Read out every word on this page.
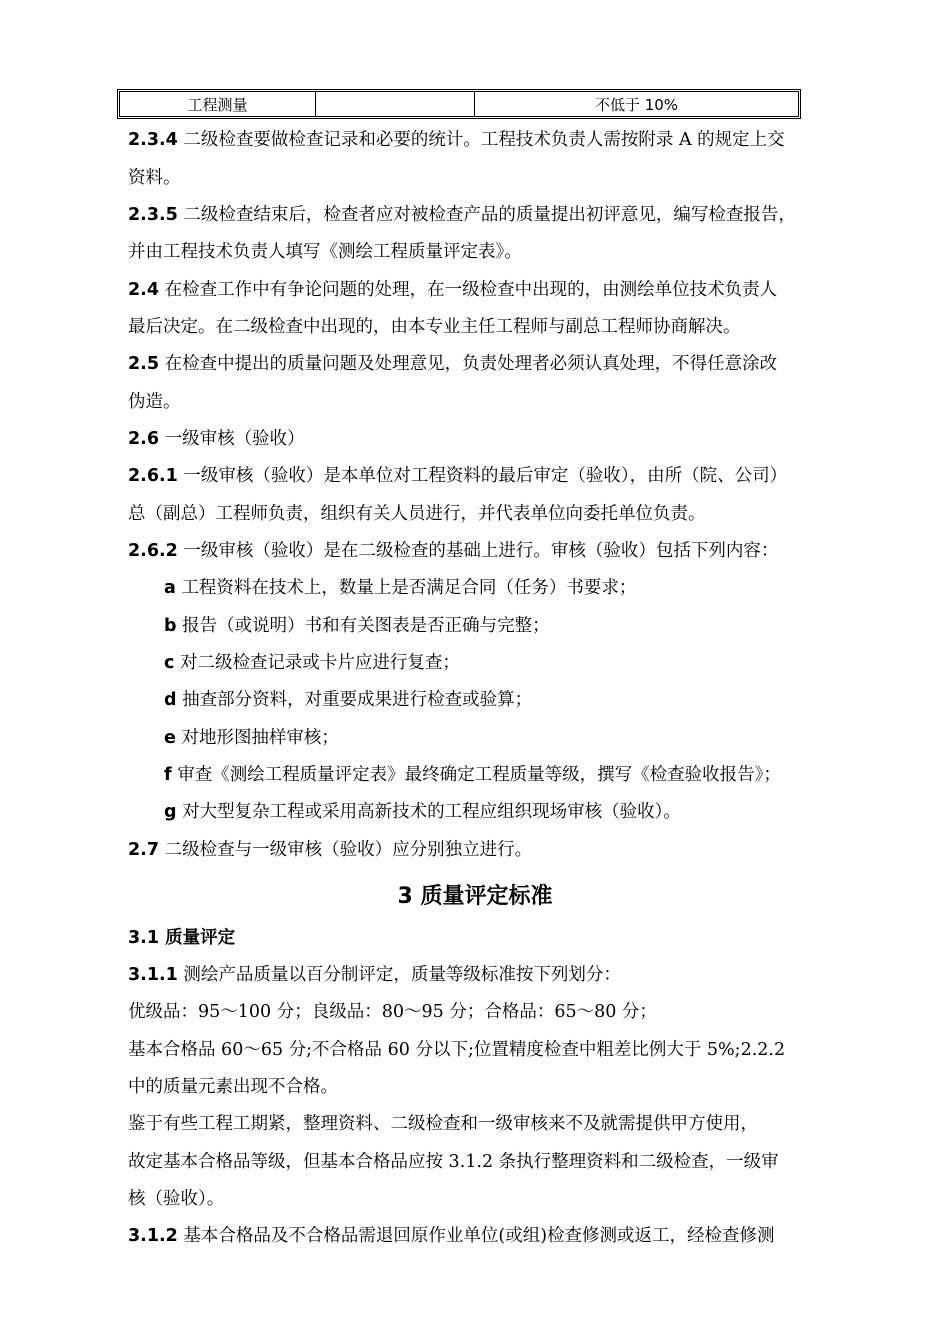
工程测量	不低于 10%
2.3.4 二级检查要做检查记录和必要的统计。工程技术负责人需按附录 A 的规定上交
资料。
2.3.5 二级检查结束后，检查者应对被检查产品的质量提出初评意见，编写检查报告，
并由工程技术负责人填写《测绘工程质量评定表》。
2.4 在检查工作中有争论问题的处理，在一级检查中出现的，由测绘单位技术负责人
最后决定。在二级检查中出现的，由本专业主任工程师与副总工程师协商解决。
2.5 在检查中提出的质量问题及处理意见，负责处理者必须认真处理，不得任意涂改
伪造。
2.6 一级审核（验收）
2.6.1 一级审核（验收）是本单位对工程资料的最后审定（验收），由所（院、公司）
总（副总）工程师负责，组织有关人员进行，并代表单位向委托单位负责。
2.6.2 一级审核（验收）是在二级检查的基础上进行。审核（验收）包括下列内容：
a 工程资料在技术上，数量上是否满足合同（任务）书要求；
b 报告（或说明）书和有关图表是否正确与完整；
c 对二级检查记录或卡片应进行复查；
d 抽查部分资料，对重要成果进行检查或验算；
e 对地形图抽样审核；
f 审查《测绘工程质量评定表》最终确定工程质量等级，撰写《检查验收报告》；
g 对大型复杂工程或采用高新技术的工程应组织现场审核（验收）。
2.7 二级检查与一级审核（验收）应分别独立进行。
3 质量评定标准
3.1 质量评定
3.1.1 测绘产品质量以百分制评定，质量等级标准按下列划分：
优级品：95～100 分；良级品：80～95 分；合格品：65～80 分；
基本合格品 60～65 分;不合格品 60 分以下;位置精度检查中粗差比例大于 5%;2.2.2
中的质量元素出现不合格。
鉴于有些工程工期紧，整理资料、二级检查和一级审核来不及就需提供甲方使用，
故定基本合格品等级，但基本合格品应按 3.1.2 条执行整理资料和二级检查，一级审
核（验收）。
3.1.2 基本合格品及不合格品需退回原作业单位(或组)检查修测或返工，经检查修测
